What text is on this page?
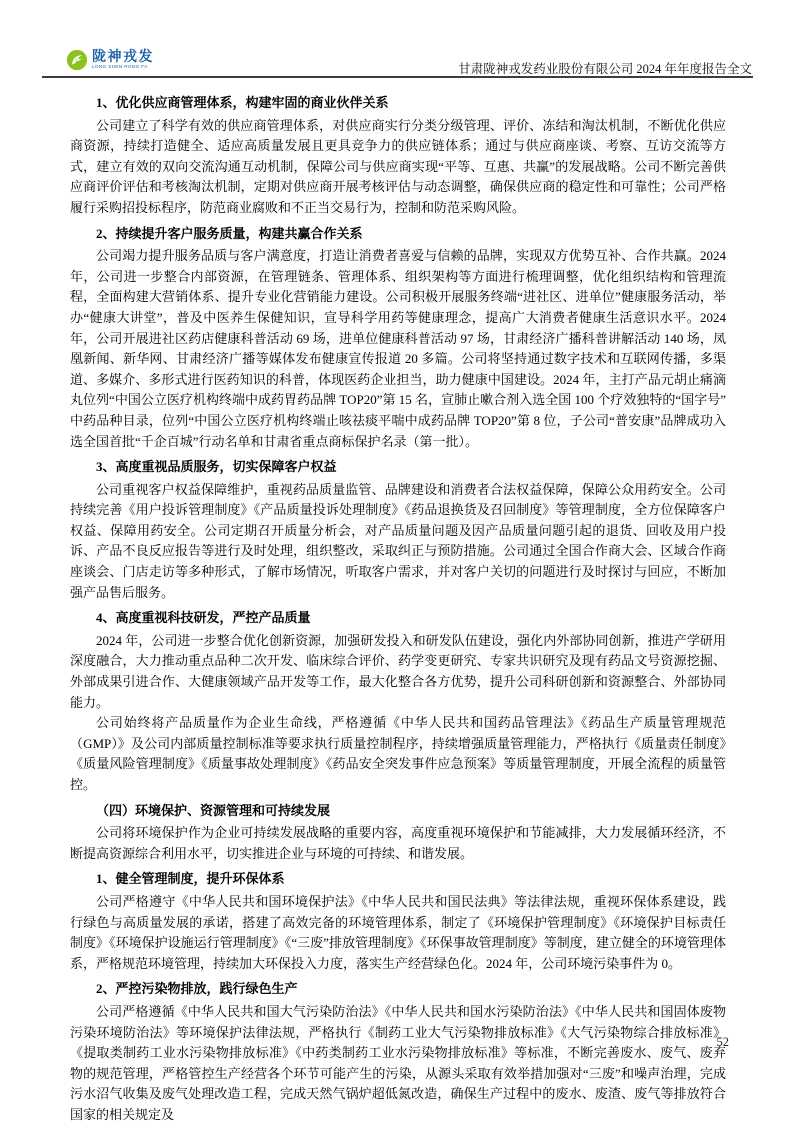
陇神戎发
LONG SHEN RONG FA	甘肃陇神戎发药业股份有限公司 2024 年年度报告全文

1、优化供应商管理体系，构建牢固的商业伙伴关系

公司建立了科学有效的供应商管理体系，对供应商实行分类分级管理、评价、冻结和淘汰机制，不断优化供应商资源，持续打造健全、适应高质量发展且更具竞争力的供应链体系；通过与供应商座谈、考察、互访交流等方式，建立有效的双向交流沟通互动机制，保障公司与供应商实现“平等、互惠、共赢”的发展战略。公司不断完善供应商评价评估和考核淘汰机制，定期对供应商开展考核评估与动态调整，确保供应商的稳定性和可靠性；公司严格履行采购招投标程序，防范商业腐败和不正当交易行为，控制和防范采购风险。

2、持续提升客户服务质量，构建共赢合作关系

公司竭力提升服务品质与客户满意度，打造让消费者喜爱与信赖的品牌，实现双方优势互补、合作共赢。2024 年，公司进一步整合内部资源，在管理链条、管理体系、组织架构等方面进行梳理调整，优化组织结构和管理流程，全面构建大营销体系、提升专业化营销能力建设。公司积极开展服务终端“进社区、进单位”健康服务活动，举办“健康大讲堂”，普及中医养生保健知识，宣导科学用药等健康理念，提高广大消费者健康生活意识水平。2024 年，公司开展进社区药店健康科普活动 69 场，进单位健康科普活动 97 场，甘肃经济广播科普讲解活动 140 场，凤凰新闻、新华网、甘肃经济广播等媒体发布健康宣传报道 20 多篇。公司将坚持通过数字技术和互联网传播，多渠道、多媒介、多形式进行医药知识的科普，体现医药企业担当，助力健康中国建设。2024 年，主打产品元胡止痛滴丸位列“中国公立医疗机构终端中成药胃药品牌 TOP20”第 15 名，宣肺止嗽合剂入选全国 100 个疗效独特的“国字号”中药品种目录，位列“中国公立医疗机构终端止咳祛痰平喘中成药品牌 TOP20”第 8 位，子公司“普安康”品牌成功入选全国首批“千企百城”行动名单和甘肃省重点商标保护名录（第一批）。

3、高度重视品质服务，切实保障客户权益

公司重视客户权益保障维护，重视药品质量监管、品牌建设和消费者合法权益保障，保障公众用药安全。公司持续完善《用户投诉管理制度》《产品质量投诉处理制度》《药品退换货及召回制度》等管理制度，全方位保障客户权益、保障用药安全。公司定期召开质量分析会，对产品质量问题及因产品质量问题引起的退货、回收及用户投诉、产品不良反应报告等进行及时处理，组织整改，采取纠正与预防措施。公司通过全国合作商大会、区域合作商座谈会、门店走访等多种形式，了解市场情况，听取客户需求，并对客户关切的问题进行及时探讨与回应，不断加强产品售后服务。

4、高度重视科技研发，严控产品质量

2024 年，公司进一步整合优化创新资源，加强研发投入和研发队伍建设，强化内外部协同创新，推进产学研用深度融合，大力推动重点品种二次开发、临床综合评价、药学变更研究、专家共识研究及现有药品文号资源挖掘、外部成果引进合作、大健康领域产品开发等工作，最大化整合各方优势，提升公司科研创新和资源整合、外部协同能力。

公司始终将产品质量作为企业生命线，严格遵循《中华人民共和国药品管理法》《药品生产质量管理规范（GMP）》及公司内部质量控制标准等要求执行质量控制程序，持续增强质量管理能力，严格执行《质量责任制度》《质量风险管理制度》《质量事故处理制度》《药品安全突发事件应急预案》等质量管理制度，开展全流程的质量管控。

（四）环境保护、资源管理和可持续发展

公司将环境保护作为企业可持续发展战略的重要内容，高度重视环境保护和节能减排，大力发展循环经济，不断提高资源综合利用水平，切实推进企业与环境的可持续、和谐发展。

1、健全管理制度，提升环保体系

公司严格遵守《中华人民共和国环境保护法》《中华人民共和国民法典》等法律法规，重视环保体系建设，践行绿色与高质量发展的承诺，搭建了高效完备的环境管理体系，制定了《环境保护管理制度》《环境保护目标责任制度》《环境保护设施运行管理制度》《“三废”排放管理制度》《环保事故管理制度》等制度，建立健全的环境管理体系，严格规范环境管理，持续加大环保投入力度，落实生产经营绿色化。2024 年，公司环境污染事件为 0。

2、严控污染物排放，践行绿色生产

公司严格遵循《中华人民共和国大气污染防治法》《中华人民共和国水污染防治法》《中华人民共和国固体废物污染环境防治法》等环境保护法律法规，严格执行《制药工业大气污染物排放标准》《大气污染物综合排放标准》《提取类制药工业水污染物排放标准》《中药类制药工业水污染物排放标准》等标准，不断完善废水、废气、废弃物的规范管理，严格管控生产经营各个环节可能产生的污染，从源头采取有效举措加强对“三废”和噪声治理，完成污水沼气收集及废气处理改造工程，完成天然气锅炉超低氮改造，确保生产过程中的废水、废渣、废气等排放符合国家的相关规定及

52
